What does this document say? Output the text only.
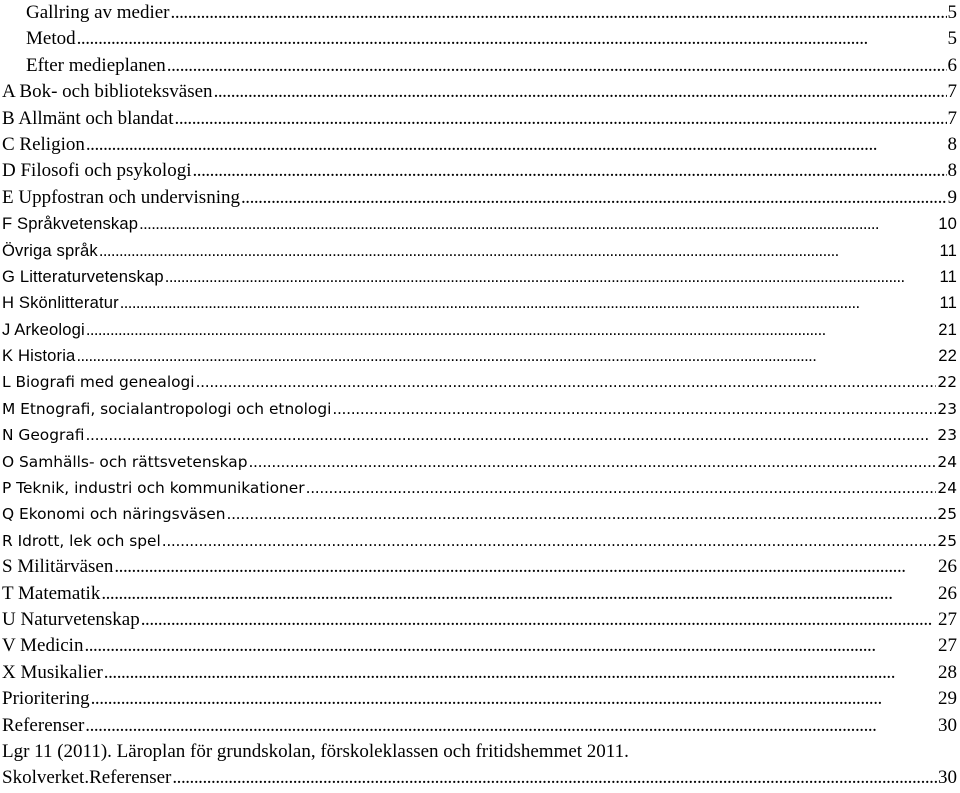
Gallring av medier . . .	5
Metod . . .	5
Efter medieplanen . . .	6
A Bok- och biblioteksväsen . . .	7
B Allmänt och blandat . . .	7
C Religion . . .	8
D Filosofi och psykologi . . .	8
E Uppfostran och undervisning . . .	9
F Språkvetenskap . . .	10
Övriga språk . . .	11
G Litteraturvetenskap . . .	11
H Skönlitteratur . . .	11
J Arkeologi . . .	21
K Historia . . .	22
L Biografi med genealogi . . .	22
M Etnografi, socialantropologi och etnologi . . .	23
N Geografi . . .	23
O Samhälls- och rättsvetenskap . . .	24
P Teknik, industri och kommunikationer . . .	24
Q Ekonomi och näringsväsen . . .	25
R Idrott, lek och spel . . .	25
S Militärväsen . . .	26
T Matematik . . .	26
U Naturvetenskap . . .	27
V Medicin . . .	27
X Musikalier . . .	28
Prioritering . . .	29
Referenser . . .	30
Lgr 11 (2011). Läroplan för grundskolan, förskoleklassen och fritidshemmet 2011.
Skolverket.Referenser . . .	30
